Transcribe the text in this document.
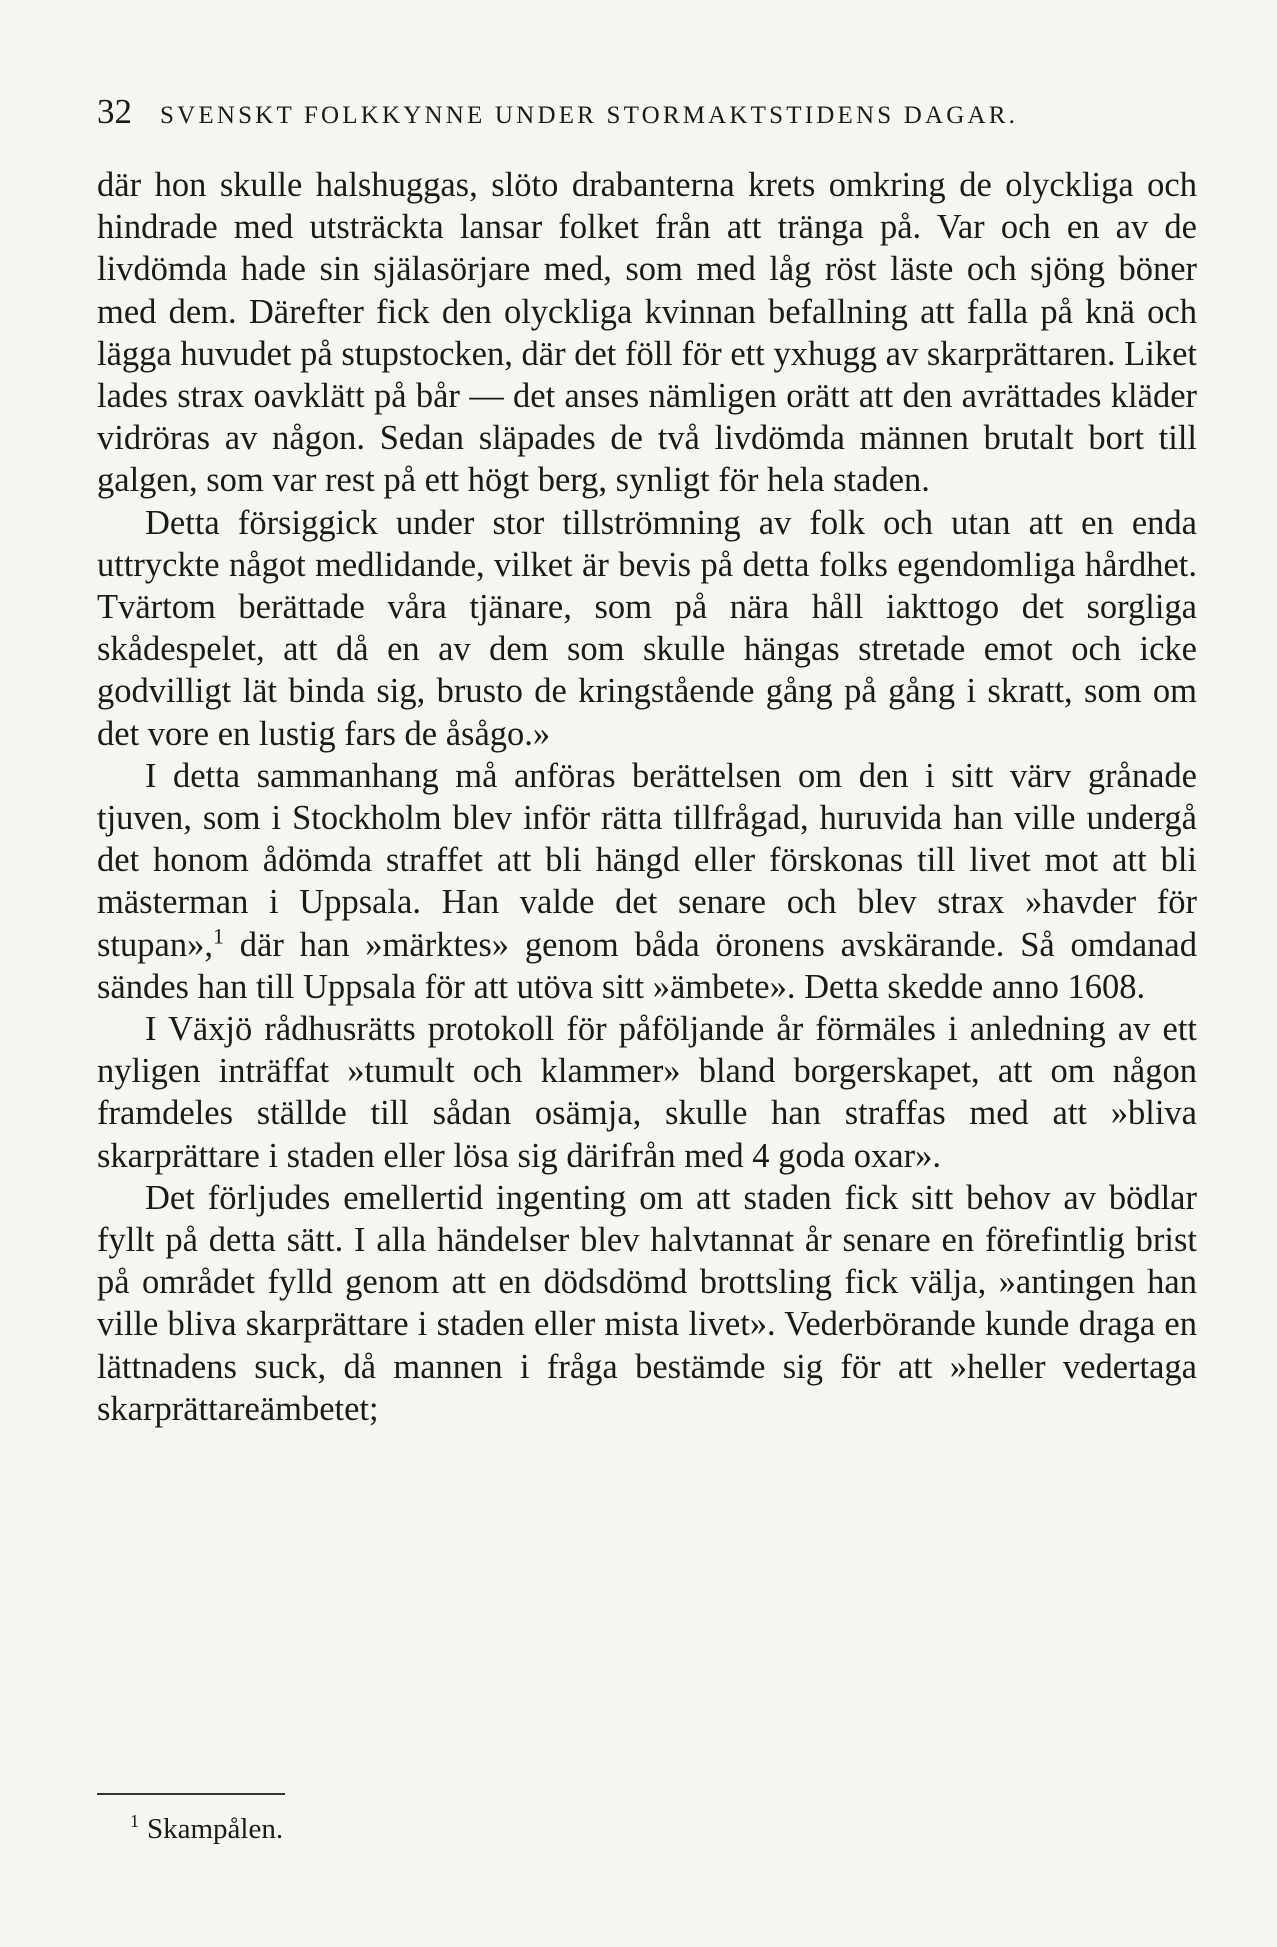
32 SVENSKT FOLKKYNNE UNDER STORMAKTSTIDENS DAGAR.

där hon skulle halshuggas, slöto drabanterna krets omkring de olyckliga och hindrade med utsträckta lansar folket från att tränga på. Var och en av de livdömda hade sin själasörjare med, som med låg röst läste och sjöng böner med dem. Därefter fick den olyckliga kvinnan befallning att falla på knä och lägga huvudet på stupstocken, där det föll för ett yxhugg av skarprättaren. Liket lades strax oavklätt på bår — det anses nämligen orätt att den avrättades kläder vidröras av någon. Sedan släpades de två livdömda männen brutalt bort till galgen, som var rest på ett högt berg, synligt för hela staden.

Detta försiggick under stor tillströmning av folk och utan att en enda uttryckte något medlidande, vilket är bevis på detta folks egendomliga hårdhet. Tvärtom berättade våra tjänare, som på nära håll iakttogo det sorgliga skådespelet, att då en av dem som skulle hängas stretade emot och icke godvilligt lät binda sig, brusto de kringstående gång på gång i skratt, som om det vore en lustig fars de åsågo.»

I detta sammanhang må anföras berättelsen om den i sitt värv grånade tjuven, som i Stockholm blev inför rätta tillfrågad, huruvida han ville undergå det honom ådömda straffet att bli hängd eller förskonas till livet mot att bli mästerman i Uppsala. Han valde det senare och blev strax »havder för stupan»,$^1$ där han »märktes» genom båda öronens avskärande. Så omdanad sändes han till Uppsala för att utöva sitt »ämbete». Detta skedde anno 1608.

I Växjö rådhusrätts protokoll för påföljande år förmäles i anledning av ett nyligen inträffat »tumult och klammer» bland borgerskapet, att om någon framdeles ställde till sådan osämja, skulle han straffas med att »bliva skarprättare i staden eller lösa sig därifrån med 4 goda oxar».

Det förljudes emellertid ingenting om att staden fick sitt behov av bödlar fyllt på detta sätt. I alla händelser blev halvtannat år senare en förefintlig brist på området fylld genom att en dödsdömd brottsling fick välja, »antingen han ville bliva skarprättare i staden eller mista livet». Vederbörande kunde draga en lättnadens suck, då mannen i fråga bestämde sig för att »heller vedertaga skarprättareämbetet;

$^1$ Skampålen.
